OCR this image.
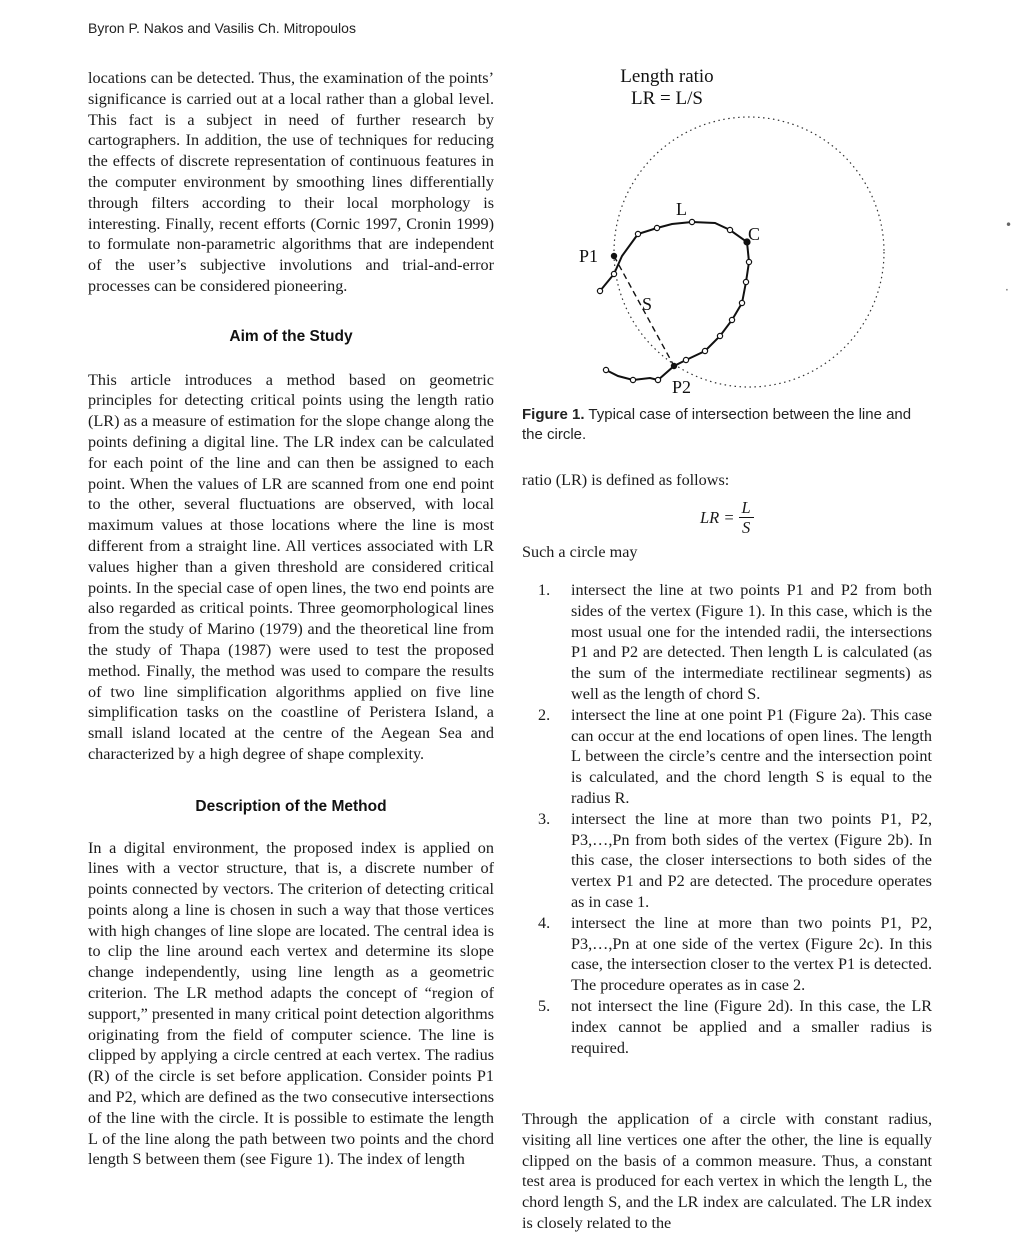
Byron P. Nakos and Vasilis Ch. Mitropoulos

locations can be detected. Thus, the examination of the points’ significance is carried out at a local rather than a global level. This fact is a subject in need of further research by cartographers. In addition, the use of techniques for reducing the effects of discrete representation of continuous features in the computer environment by smoothing lines differentially through filters according to their local morphology is interesting. Finally, recent efforts (Cornic 1997, Cronin 1999) to formulate non-parametric algorithms that are independent of the user’s subjective involutions and trial-and-error processes can be considered pioneering.

Aim of the Study

This article introduces a method based on geometric principles for detecting critical points using the length ratio (LR) as a measure of estimation for the slope change along the points defining a digital line. The LR index can be calculated for each point of the line and can then be assigned to each point. When the values of LR are scanned from one end point to the other, several fluctuations are observed, with local maximum values at those locations where the line is most different from a straight line. All vertices associated with LR values higher than a given threshold are considered critical points. In the special case of open lines, the two end points are also regarded as critical points. Three geomorphological lines from the study of Marino (1979) and the theoretical line from the study of Thapa (1987) were used to test the proposed method. Finally, the method was used to compare the results of two line simplification algorithms applied on five line simplification tasks on the coastline of Peristera Island, a small island located at the centre of the Aegean Sea and characterized by a high degree of shape complexity.

Description of the Method

In a digital environment, the proposed index is applied on lines with a vector structure, that is, a discrete number of points connected by vectors. The criterion of detecting critical points along a line is chosen in such a way that those vertices with high changes of line slope are located. The central idea is to clip the line around each vertex and determine its slope change independently, using line length as a geometric criterion. The LR method adapts the concept of “region of support,” presented in many critical point detection algorithms originating from the field of computer science. The line is clipped by applying a circle centred at each vertex. The radius (R) of the circle is set before application. Consider points P1 and P2, which are defined as the two consecutive intersections of the line with the circle. It is possible to estimate the length L of the line along the path between two points and the chord length S between them (see Figure 1). The index of length

Length ratio
LR = L/S
L
C
P1
S
P2
Figure 1. Typical case of intersection between the line and the circle.
ratio (LR) is defined as follows:
LR = $\frac{L}{S}$
Such a circle may
1.	intersect the line at two points P1 and P2 from both sides of the vertex (Figure 1). In this case, which is the most usual one for the intended radii, the intersections P1 and P2 are detected. Then length L is calculated (as the sum of the intermediate rectilinear segments) as well as the length of chord S.
2.	intersect the line at one point P1 (Figure 2a). This case can occur at the end locations of open lines. The length L between the circle’s centre and the intersection point is calculated, and the chord length S is equal to the radius R.
3.	intersect the line at more than two points P1, P2, P3,…,Pn from both sides of the vertex (Figure 2b). In this case, the closer intersections to both sides of the vertex P1 and P2 are detected. The procedure operates as in case 1.
4.	intersect the line at more than two points P1, P2, P3,…,Pn at one side of the vertex (Figure 2c). In this case, the intersection closer to the vertex P1 is detected. The procedure operates as in case 2.
5.	not intersect the line (Figure 2d). In this case, the LR index cannot be applied and a smaller radius is required.

Through the application of a circle with constant radius, visiting all line vertices one after the other, the line is equally clipped on the basis of a common measure. Thus, a constant test area is produced for each vertex in which the length L, the chord length S, and the LR index are calculated. The LR index is closely related to the

•
·
